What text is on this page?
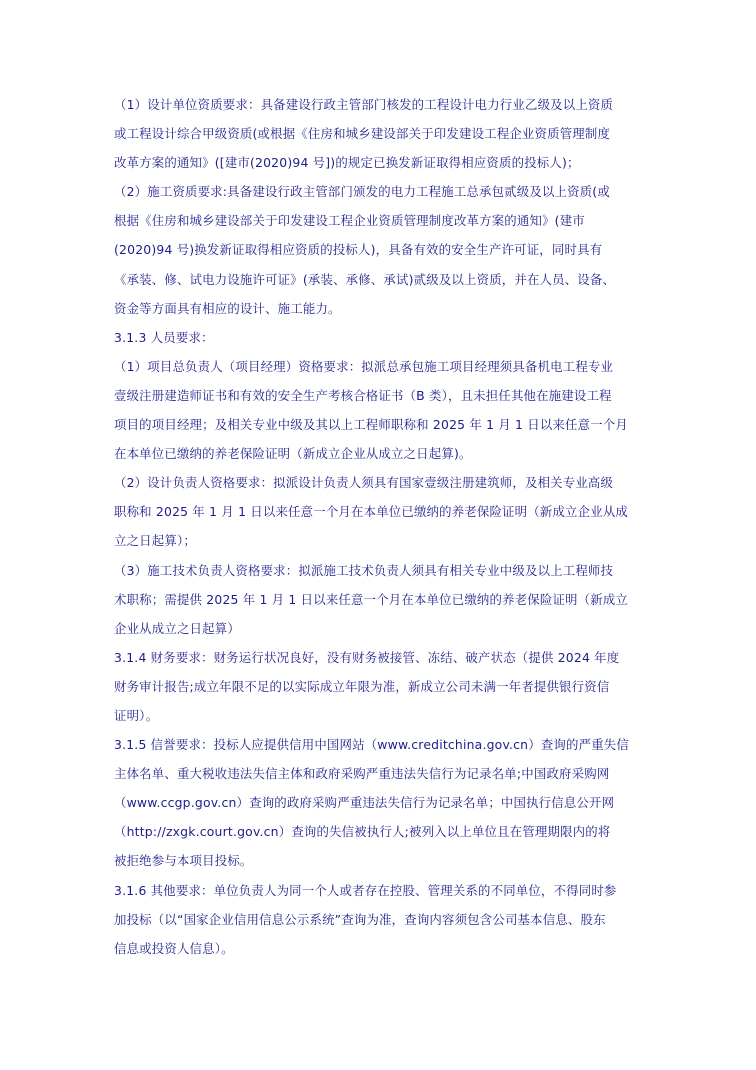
（1）设计单位资质要求：具备建设行政主管部门核发的工程设计电力行业乙级及以上资质
或工程设计综合甲级资质(或根据《住房和城乡建设部关于印发建设工程企业资质管理制度
改革方案的通知》([建市(2020)94 号])的规定已换发新证取得相应资质的投标人)；
（2）施工资质要求:具备建设行政主管部门颁发的电力工程施工总承包贰级及以上资质(或
根据《住房和城乡建设部关于印发建设工程企业资质管理制度改革方案的通知》(建市
(2020)94 号)换发新证取得相应资质的投标人)，具备有效的安全生产许可证，同时具有
《承装、修、试电力设施许可证》(承装、承修、承试)贰级及以上资质，并在人员、设备、
资金等方面具有相应的设计、施工能力。
3.1.3 人员要求：
（1）项目总负责人（项目经理）资格要求：拟派总承包施工项目经理须具备机电工程专业
壹级注册建造师证书和有效的安全生产考核合格证书（B 类），且未担任其他在施建设工程
项目的项目经理；及相关专业中级及其以上工程师职称和 2025 年 1 月 1 日以来任意一个月
在本单位已缴纳的养老保险证明（新成立企业从成立之日起算)。
（2）设计负责人资格要求：拟派设计负责人须具有国家壹级注册建筑师，及相关专业高级
职称和 2025 年 1 月 1 日以来任意一个月在本单位已缴纳的养老保险证明（新成立企业从成
立之日起算）；
（3）施工技术负责人资格要求：拟派施工技术负责人须具有相关专业中级及以上工程师技
术职称；需提供 2025 年 1 月 1 日以来任意一个月在本单位已缴纳的养老保险证明（新成立
企业从成立之日起算）
3.1.4 财务要求：财务运行状况良好，没有财务被接管、冻结、破产状态（提供 2024 年度
财务审计报告;成立年限不足的以实际成立年限为准，新成立公司未满一年者提供银行资信
证明）。
3.1.5 信誉要求：投标人应提供信用中国网站（www.creditchina.gov.cn）查询的严重失信
主体名单、重大税收违法失信主体和政府采购严重违法失信行为记录名单;中国政府采购网
（www.ccgp.gov.cn）查询的政府采购严重违法失信行为记录名单；中国执行信息公开网
（http://zxgk.court.gov.cn）查询的失信被执行人;被列入以上单位且在管理期限内的将
被拒绝参与本项目投标。
3.1.6 其他要求：单位负责人为同一个人或者存在控股、管理关系的不同单位，不得同时参
加投标（以“国家企业信用信息公示系统”查询为准，查询内容须包含公司基本信息、股东
信息或投资人信息）。
